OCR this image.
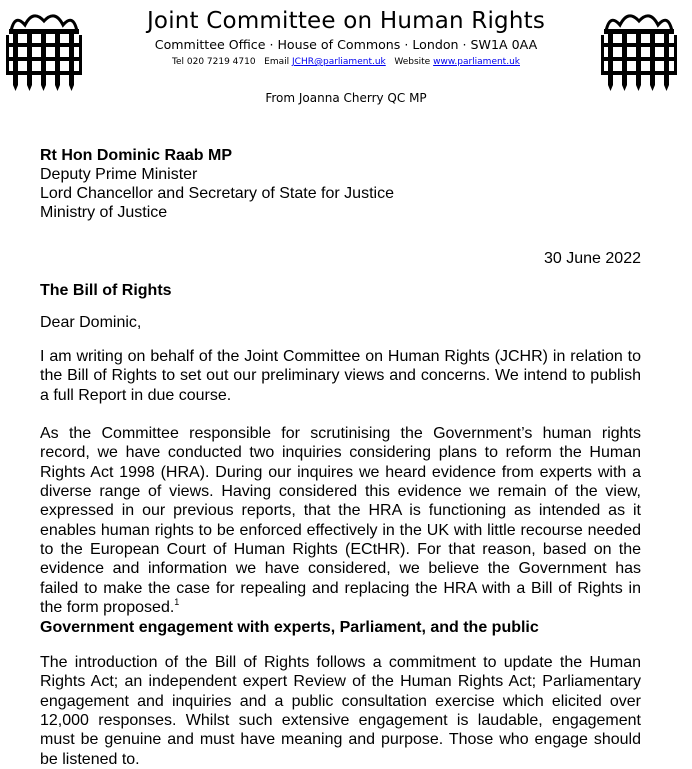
Joint Committee on Human Rights
Committee Office · House of Commons · London · SW1A 0AA
Tel 020 7219 4710 Email JCHR@parliament.uk Website www.parliament.uk
From Joanna Cherry QC MP
Rt Hon Dominic Raab MP
Deputy Prime Minister
Lord Chancellor and Secretary of State for Justice
Ministry of Justice
30 June 2022
The Bill of Rights
Dear Dominic,
I am writing on behalf of the Joint Committee on Human Rights (JCHR) in relation to the Bill of Rights to set out our preliminary views and concerns. We intend to publish a full Report in due course.
As the Committee responsible for scrutinising the Government’s human rights record, we have conducted two inquiries considering plans to reform the Human Rights Act 1998 (HRA). During our inquires we heard evidence from experts with a diverse range of views. Having considered this evidence we remain of the view, expressed in our previous reports, that the HRA is functioning as intended as it enables human rights to be enforced effectively in the UK with little recourse needed to the European Court of Human Rights (ECtHR). For that reason, based on the evidence and information we have considered, we believe the Government has failed to make the case for repealing and replacing the HRA with a Bill of Rights in the form proposed.$^1$
Government engagement with experts, Parliament, and the public
The introduction of the Bill of Rights follows a commitment to update the Human Rights Act; an independent expert Review of the Human Rights Act; Parliamentary engagement and inquiries and a public consultation exercise which elicited over 12,000 responses. Whilst such extensive engagement is laudable, engagement must be genuine and must have meaning and purpose. Those who engage should be listened to.
